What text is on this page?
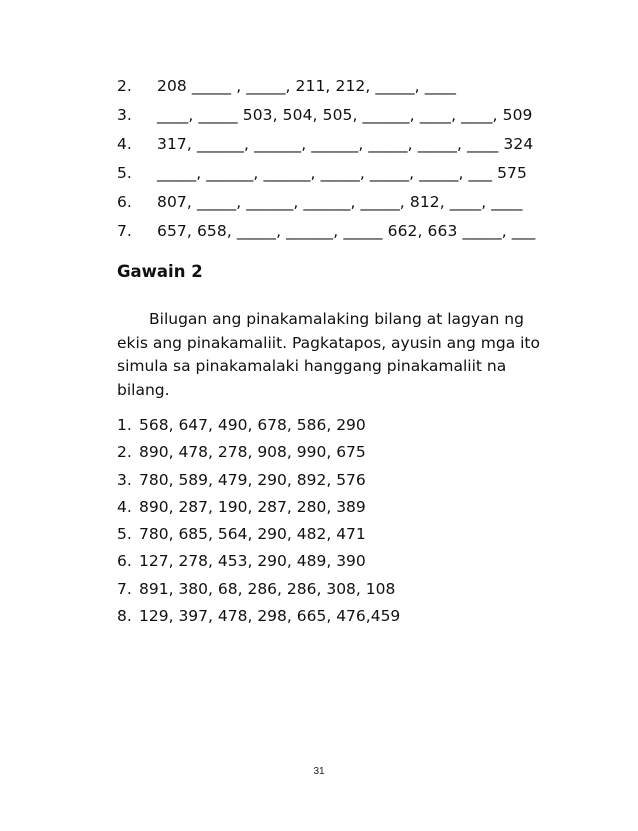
2.	208 _____ , _____, 211, 212, _____, ____
3.	____, _____ 503, 504, 505, ______, ____, ____, 509
4.	317, ______, ______, ______, _____, _____, ____ 324
5.	_____, ______, ______, _____, _____, _____, ___ 575
6.	807, _____, ______, ______, _____, 812, ____, ____
7.	657, 658, _____, ______, _____ 662, 663 _____, ___
Gawain 2

Bilugan ang pinakamalaking bilang at lagyan ng ekis ang pinakamaliit. Pagkatapos, ayusin ang mga ito simula sa pinakamalaki hanggang pinakamaliit na bilang.

1. 568, 647, 490, 678, 586, 290
2. 890, 478, 278, 908, 990, 675
3. 780, 589, 479, 290, 892, 576
4. 890, 287, 190, 287, 280, 389
5. 780, 685, 564, 290, 482, 471
6. 127, 278, 453, 290, 489, 390
7. 891, 380, 68, 286, 286, 308, 108
8. 129, 397, 478, 298, 665, 476,459
31
